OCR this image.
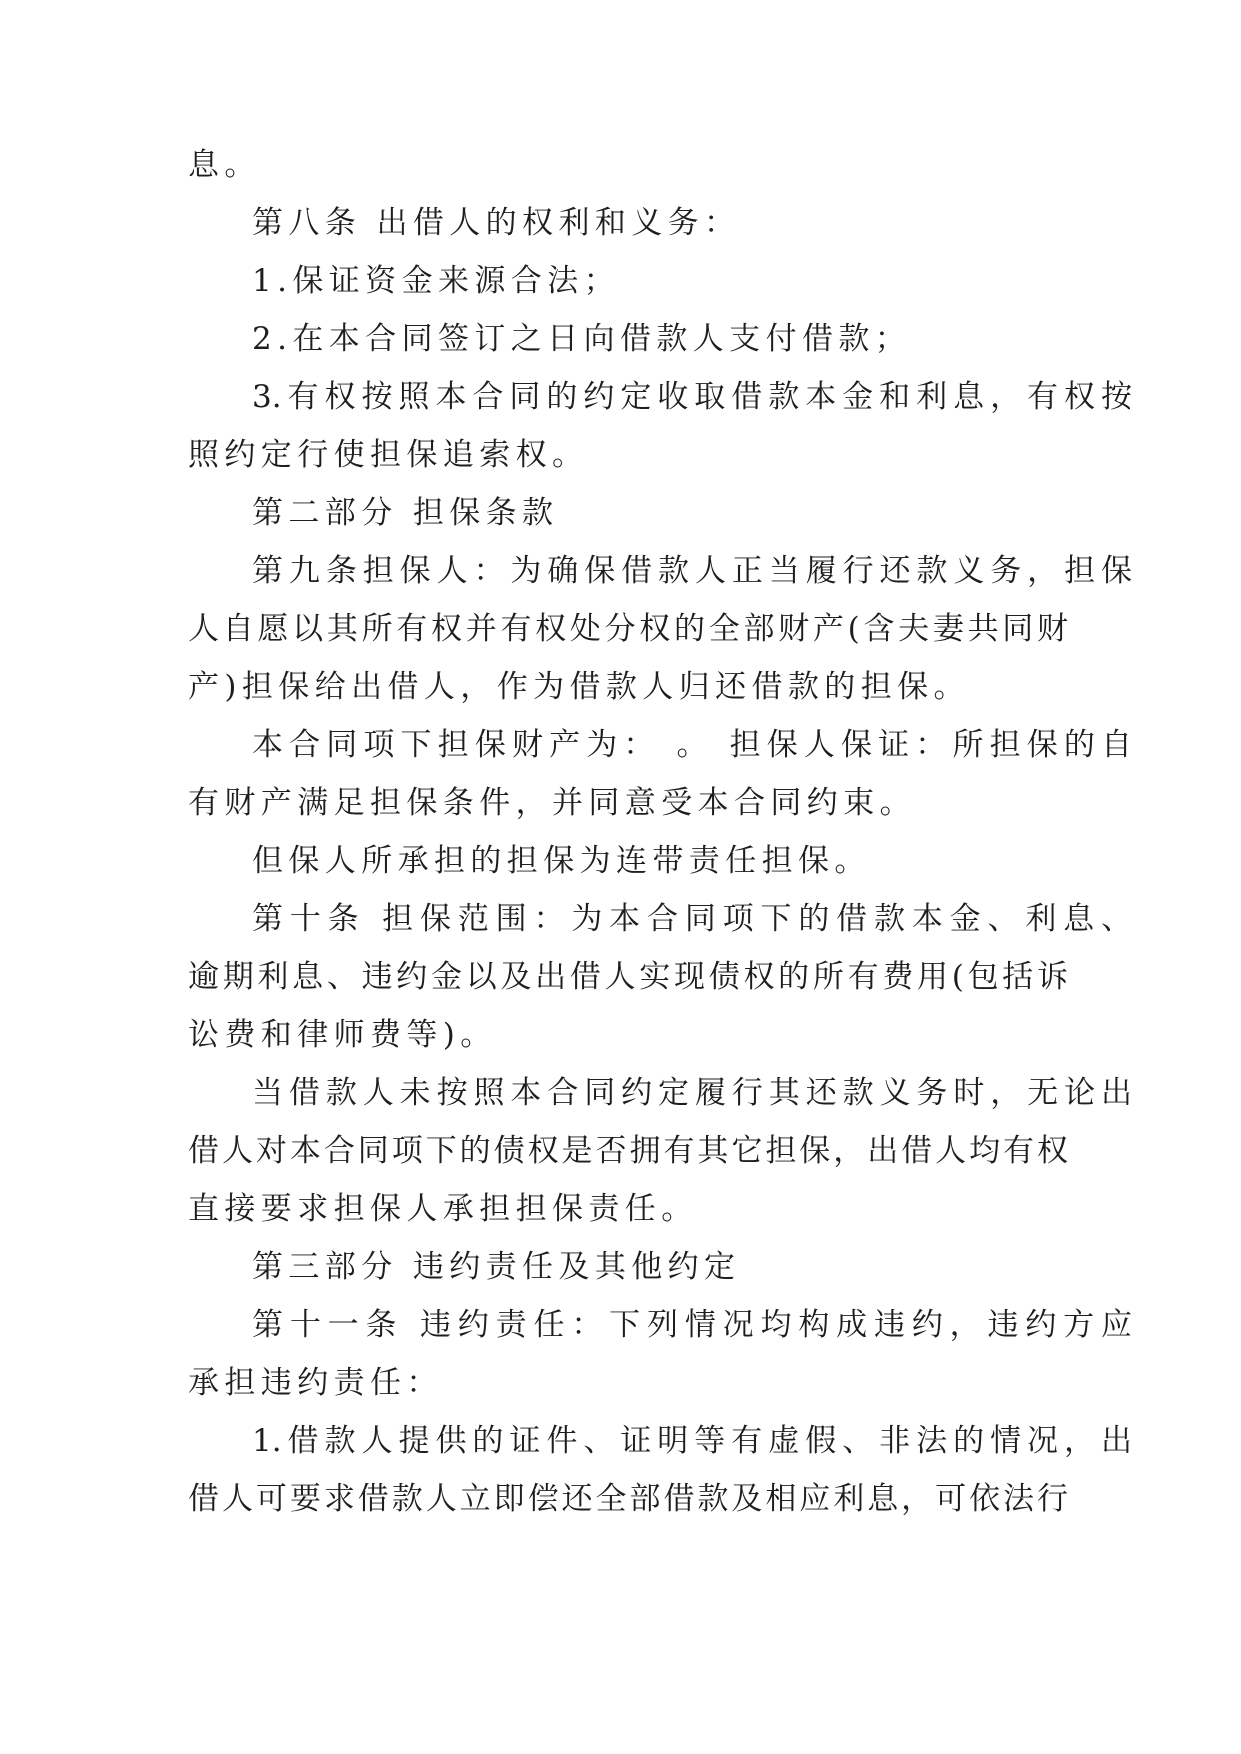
息。

第八条 出借人的权利和义务：

1.保证资金来源合法；

2.在本合同签订之日向借款人支付借款；

3.有权按照本合同的约定收取借款本金和利息，有权按

照约定行使担保追索权。

第二部分 担保条款

第九条担保人：为确保借款人正当履行还款义务，担保

人自愿以其所有权并有权处分权的全部财产(含夫妻共同财

产)担保给出借人，作为借款人归还借款的担保。

本合同项下担保财产为： 。 担保人保证：所担保的自

有财产满足担保条件，并同意受本合同约束。

但保人所承担的担保为连带责任担保。

第十条 担保范围：为本合同项下的借款本金、利息、

逾期利息、违约金以及出借人实现债权的所有费用(包括诉

讼费和律师费等)。

当借款人未按照本合同约定履行其还款义务时，无论出

借人对本合同项下的债权是否拥有其它担保，出借人均有权

直接要求担保人承担担保责任。

第三部分 违约责任及其他约定

第十一条 违约责任：下列情况均构成违约，违约方应

承担违约责任：

1.借款人提供的证件、证明等有虚假、非法的情况，出

借人可要求借款人立即偿还全部借款及相应利息，可依法行
